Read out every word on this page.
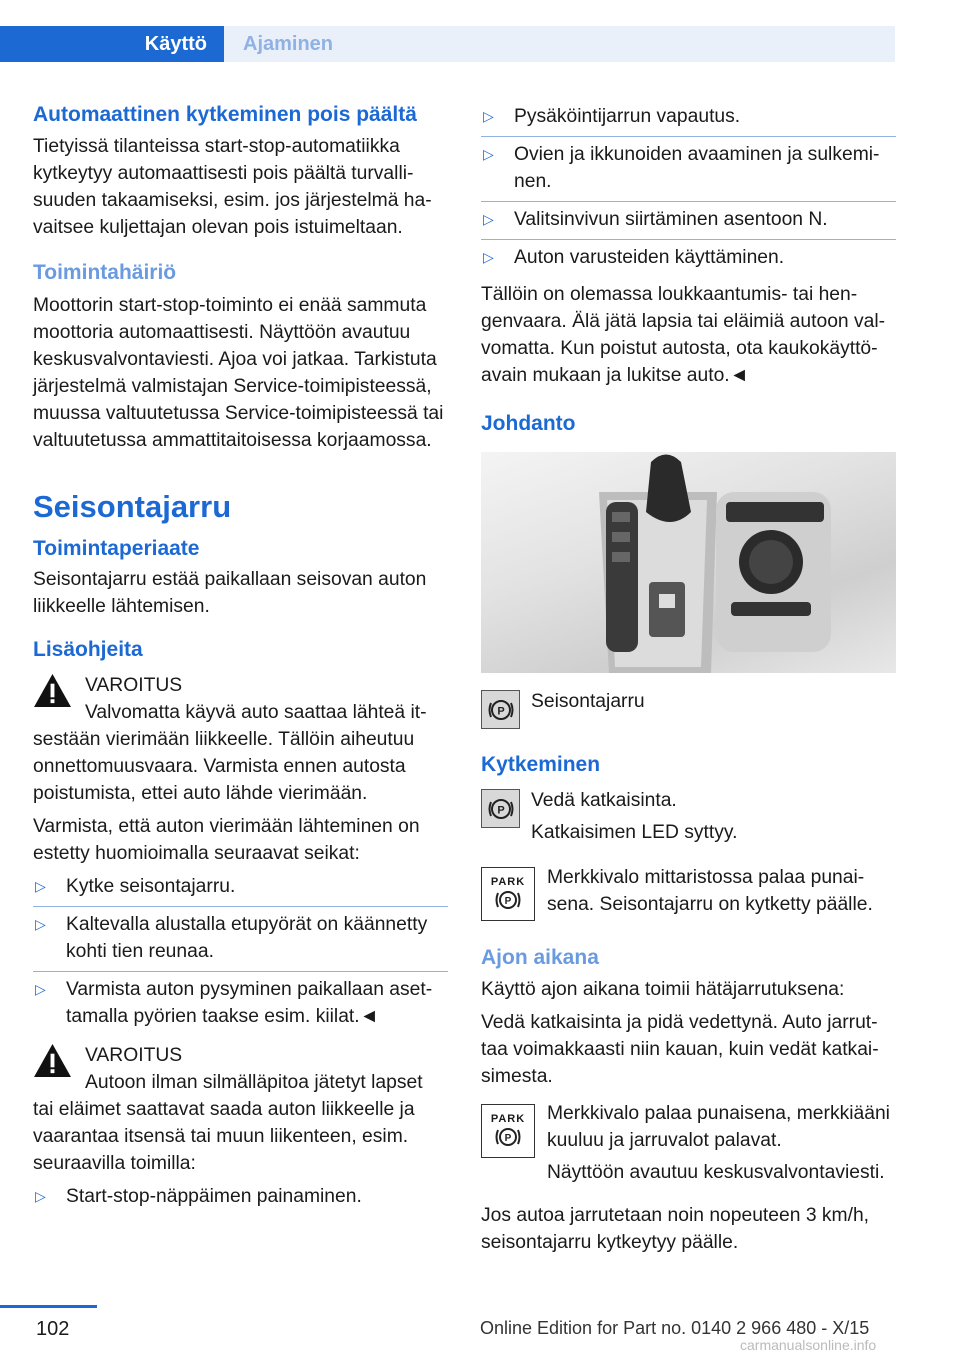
Käyttö	Ajaminen
Automaattinen kytkeminen pois päältä
Tietyissä tilanteissa start-stop-automatiikka kytkeytyy automaattisesti pois päältä turvallisuuden takaamiseksi, esim. jos järjestelmä havaitsee kuljettajan olevan pois istuimeltaan.
Toimintahäiriö
Moottorin start-stop-toiminto ei enää sammuta moottoria automaattisesti. Näyttöön avautuu keskusvalvontaviesti. Ajoa voi jatkaa. Tarkistuta järjestelmä valmistajan Service-toimipisteessä, muussa valtuutetussa Service-toimipisteessä tai valtuutetussa ammattitaitoisessa korjaamossa.
Seisontajarru
Toimintaperiaate
Seisontajarru estää paikallaan seisovan auton liikkeelle lähtemisen.
Lisäohjeita
VAROITUS
Valvomatta käyvä auto saattaa lähteä itsestään vierimään liikkeelle. Tällöin aiheutuu onnettomuusvaara. Varmista ennen autosta poistumista, ettei auto lähde vierimään.
Varmista, että auton vierimään lähteminen on estetty huomioimalla seuraavat seikat:
▷ Kytke seisontajarru.
▷ Kaltevalla alustalla etupyörät on käännetty kohti tien reunaa.
▷ Varmista auton pysyminen paikallaan asettamalla pyörien taakse esim. kiilat.◄
VAROITUS
Autoon ilman silmälläpitoa jätetyt lapset tai eläimet saattavat saada auton liikkeelle ja vaarantaa itsensä tai muun liikenteen, esim. seuraavilla toimilla:
▷ Start-stop-näppäimen painaminen.
▷ Pysäköintijarrun vapautus.
▷ Ovien ja ikkunoiden avaaminen ja sulkeminen.
▷ Valitsinvivun siirtäminen asentoon N.
▷ Auton varusteiden käyttäminen.
Tällöin on olemassa loukkaantumis- tai hengenvaara. Älä jätä lapsia tai eläimiä autoon valvomatta. Kun poistut autosta, ota kaukokäyttöavain mukaan ja lukitse auto.◄
Johdanto
P	Seisontajarru
Kytkeminen
P Vedä katkaisinta.
Katkaisimen LED syttyy.
PARK
P
Merkkivalo mittaristossa palaa punaisena. Seisontajarru on kytketty päälle.
Ajon aikana
Käyttö ajon aikana toimii hätäjarrutuksena:
Vedä katkaisinta ja pidä vedettynä. Auto jarruttaa voimakkaasti niin kauan, kuin vedät katkaisimesta.
PARK
P
Merkkivalo palaa punaisena, merkkiääni kuuluu ja jarruvalot palavat.
Näyttöön avautuu keskusvalvontaviesti.
Jos autoa jarrutetaan noin nopeuteen 3 km/h, seisontajarru kytkeytyy päälle.
102	Online Edition for Part no. 0140 2 966 480 - X/15
carmanualsonline.info
